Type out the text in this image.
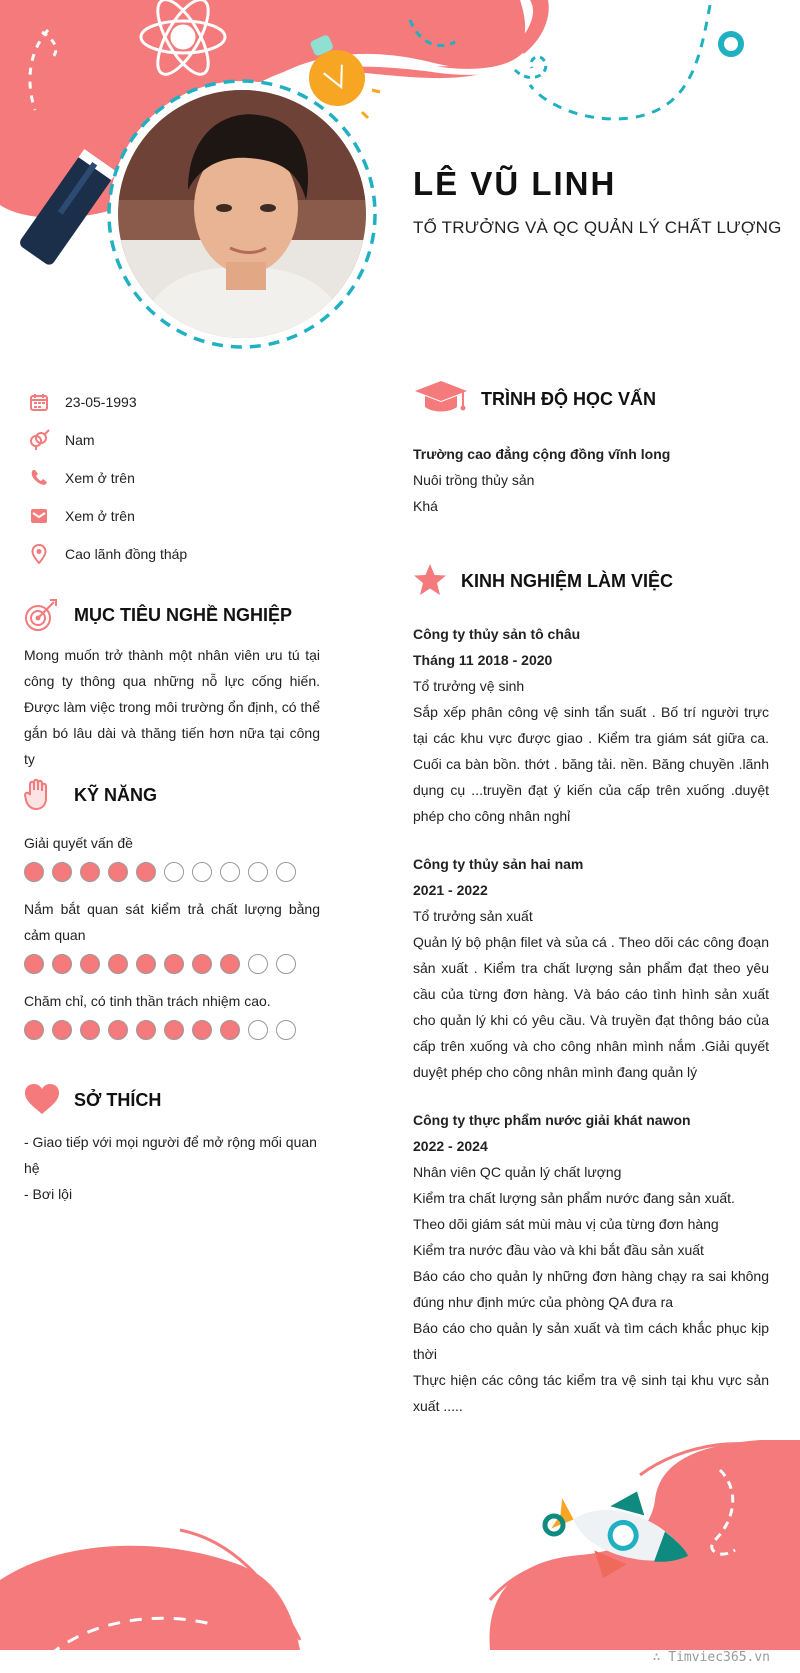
LÊ VŨ LINH
TỔ TRƯỞNG VÀ QC QUẢN LÝ CHẤT LƯỢNG
23-05-1993
Nam
Xem ở trên
Xem ở trên
Cao lãnh đồng tháp
MỤC TIÊU NGHỀ NGHIỆP
Mong muốn trở thành một nhân viên ưu tú tại công ty thông qua những nỗ lực cống hiến. Được làm việc trong môi trường ổn định, có thể gắn bó lâu dài và thăng tiến hơn nữa tại công ty
KỸ NĂNG
Giải quyết vấn đề
Nắm bắt quan sát kiểm trả chất lượng bằng cảm quan
Chăm chỉ, có tinh thần trách nhiệm cao.
SỞ THÍCH
- Giao tiếp với mọi người để mở rộng mối quan hệ
- Bơi lội
TRÌNH ĐỘ HỌC VẤN
Trường cao đẳng cộng đồng vĩnh long
Nuôi trồng thủy sản
Khá
KINH NGHIỆM LÀM VIỆC
Công ty thủy sản tô châu
Tháng 11 2018 - 2020
Tổ trưởng vệ sinh
Sắp xếp phân công vệ sinh tẩn suất . Bố trí người trực tại các khu vực được giao . Kiểm tra giám sát giữa ca. Cuối ca bàn bồn. thớt . băng tải. nền. Băng chuyền .lãnh dụng cụ ...truyền đạt ý kiến của cấp trên xuống .duyệt phép cho công nhân nghỉ
Công ty thủy sản hai nam
2021 - 2022
Tổ trưởng sản xuất
Quản lý bộ phận filet và sủa cá . Theo dõi các công đoạn sản xuất . Kiểm tra chất lượng sản phẩm đạt theo yêu cầu của từng đơn hàng. Và báo cáo tình hình sản xuất cho quản lý khi có yêu cầu. Và truyền đạt thông báo của cấp trên xuống và cho công nhân mình nắm .Giải quyết duyệt phép cho công nhân mình đang quản lý
Công ty thực phẩm nước giải khát nawon
2022 - 2024
Nhân viên QC quản lý chất lượng
Kiểm tra chất lượng sản phẩm nước đang sản xuất.
Theo dõi giám sát mùi màu vị của từng đơn hàng
Kiểm tra nước đầu vào và khi bắt đầu sản xuất
Báo cáo cho quản ly những đơn hàng chạy ra sai không đúng như định mức của phòng QA đưa ra
Báo cáo cho quản ly sản xuất và tìm cách khắc phục kịp thời
Thực hiện các công tác kiểm tra vệ sinh tại khu vực sản xuất .....
∴ Timviec365.vn
